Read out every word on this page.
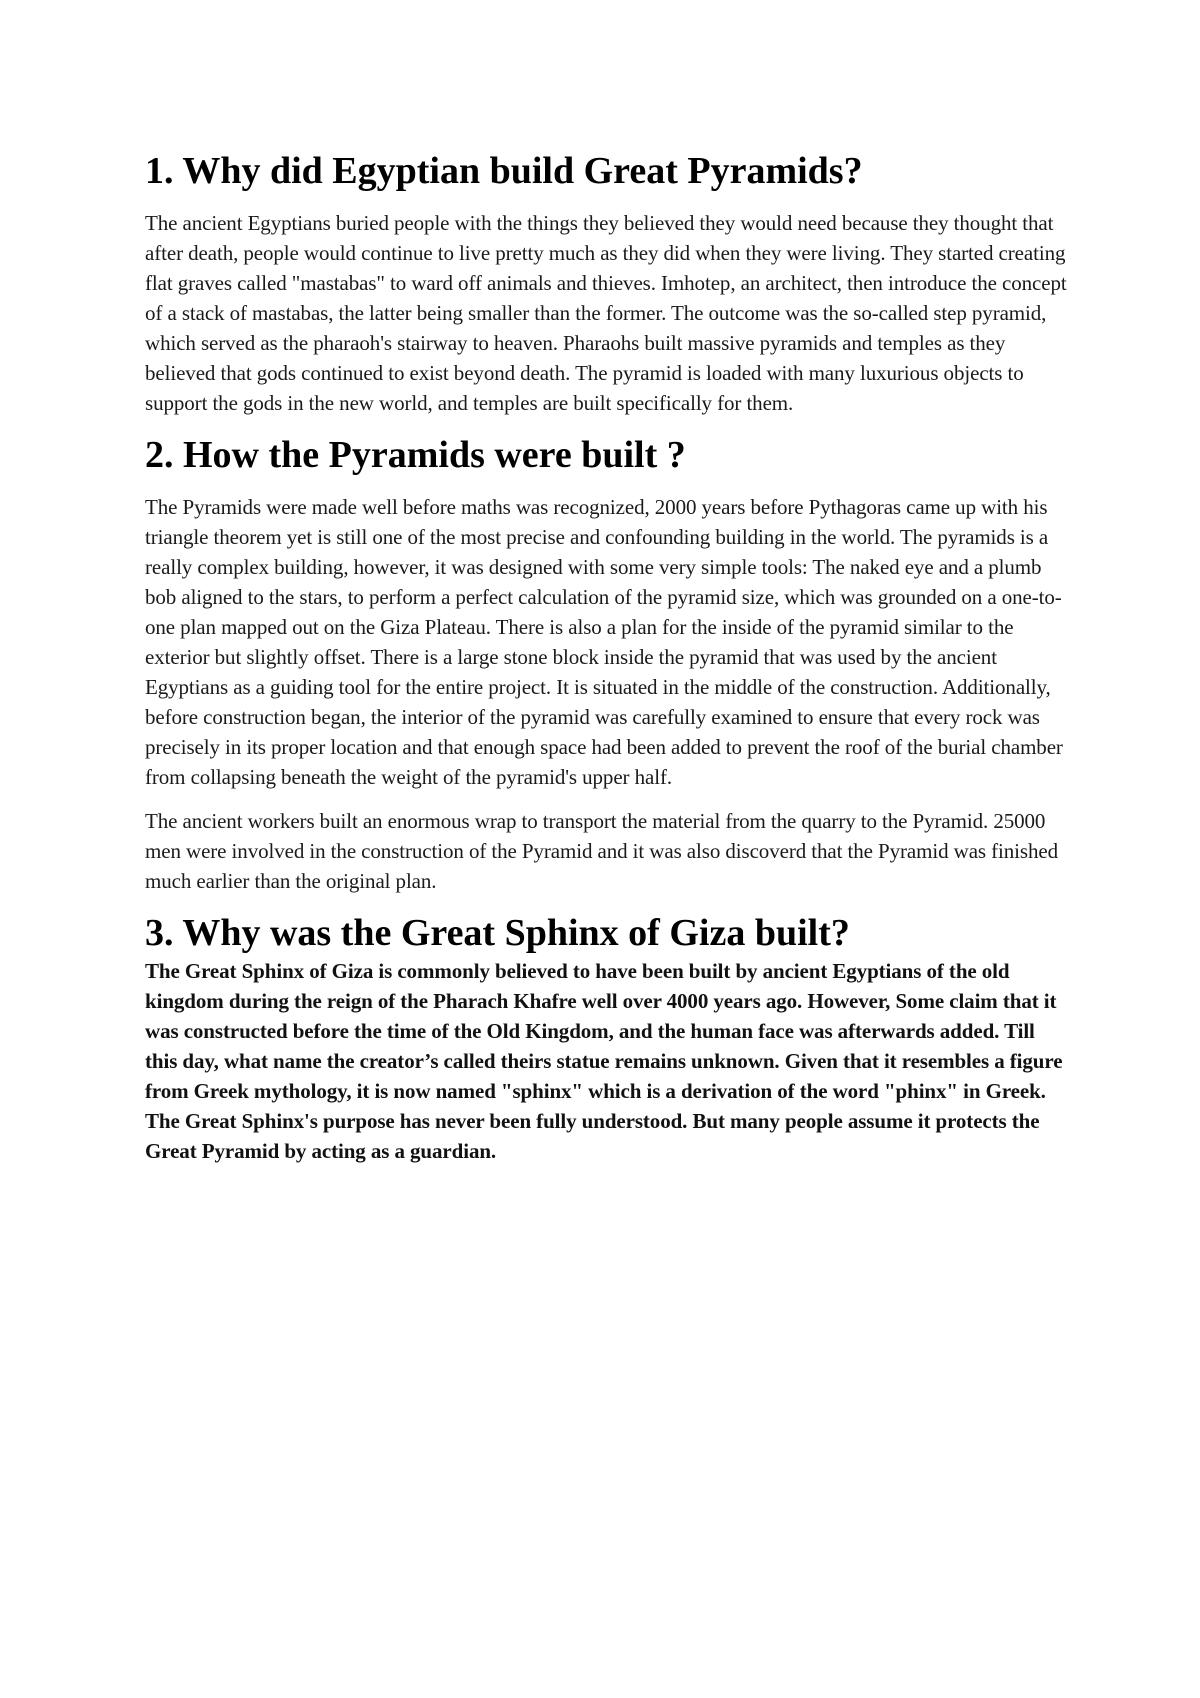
1. Why did Egyptian build Great Pyramids?

The ancient Egyptians buried people with the things they believed they would need because they thought that after death, people would continue to live pretty much as they did when they were living. They started creating flat graves called "mastabas" to ward off animals and thieves. Imhotep, an architect, then introduce the concept of a stack of mastabas, the latter being smaller than the former. The outcome was the so-called step pyramid, which served as the pharaoh's stairway to heaven. Pharaohs built massive pyramids and temples as they believed that gods continued to exist beyond death. The pyramid is loaded with many luxurious objects to support the gods in the new world, and temples are built specifically for them.

2. How the Pyramids were built ?

The Pyramids were made well before maths was recognized, 2000 years before Pythagoras came up with his triangle theorem yet is still one of the most precise and confounding building in the world. The pyramids is a really complex building, however, it was designed with some very simple tools: The naked eye and a plumb bob aligned to the stars, to perform a perfect calculation of the pyramid size, which was grounded on a one-to-one plan mapped out on the Giza Plateau. There is also a plan for the inside of the pyramid similar to the exterior but slightly offset. There is a large stone block inside the pyramid that was used by the ancient Egyptians as a guiding tool for the entire project. It is situated in the middle of the construction. Additionally, before construction began, the interior of the pyramid was carefully examined to ensure that every rock was precisely in its proper location and that enough space had been added to prevent the roof of the burial chamber from collapsing beneath the weight of the pyramid's upper half.

The ancient workers built an enormous wrap to transport the material from the quarry to the Pyramid. 25000 men were involved in the construction of the Pyramid and it was also discoverd that the Pyramid was finished much earlier than the original plan.

3. Why was the Great Sphinx of Giza built?

The Great Sphinx of Giza is commonly believed to have been built by ancient Egyptians of the old kingdom during the reign of the Pharach Khafre well over 4000 years ago. However, Some claim that it was constructed before the time of the Old Kingdom, and the human face was afterwards added. Till this day, what name the creator’s called theirs statue remains unknown. Given that it resembles a figure from Greek mythology, it is now named "sphinx" which is a derivation of the word "phinx" in Greek. The Great Sphinx's purpose has never been fully understood. But many people assume it protects the Great Pyramid by acting as a guardian.
